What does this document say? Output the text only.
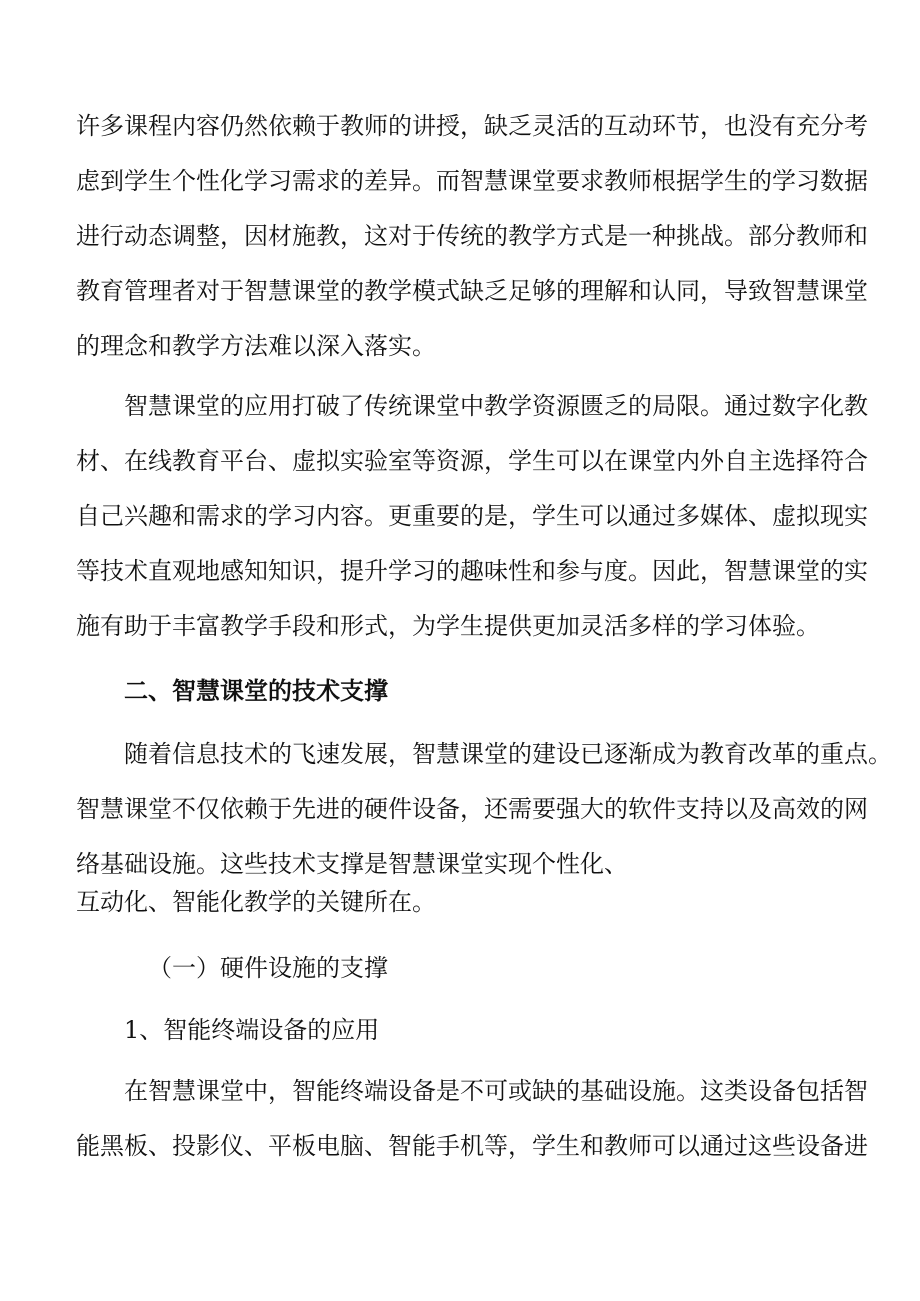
许多课程内容仍然依赖于教师的讲授，缺乏灵活的互动环节，也没有充分考
虑到学生个性化学习需求的差异。而智慧课堂要求教师根据学生的学习数据
进行动态调整，因材施教，这对于传统的教学方式是一种挑战。部分教师和
教育管理者对于智慧课堂的教学模式缺乏足够的理解和认同，导致智慧课堂
的理念和教学方法难以深入落实。
智慧课堂的应用打破了传统课堂中教学资源匮乏的局限。通过数字化教
材、在线教育平台、虚拟实验室等资源，学生可以在课堂内外自主选择符合
自己兴趣和需求的学习内容。更重要的是，学生可以通过多媒体、虚拟现实
等技术直观地感知知识，提升学习的趣味性和参与度。因此，智慧课堂的实
施有助于丰富教学手段和形式，为学生提供更加灵活多样的学习体验。
二、智慧课堂的技术支撑
随着信息技术的飞速发展，智慧课堂的建设已逐渐成为教育改革的重点。
智慧课堂不仅依赖于先进的硬件设备，还需要强大的软件支持以及高效的网
络基础设施。这些技术支撑是智慧课堂实现个性化、
互动化、智能化教学的关键所在。
（一）硬件设施的支撑
1、智能终端设备的应用
在智慧课堂中，智能终端设备是不可或缺的基础设施。这类设备包括智
能黑板、投影仪、平板电脑、智能手机等，学生和教师可以通过这些设备进
